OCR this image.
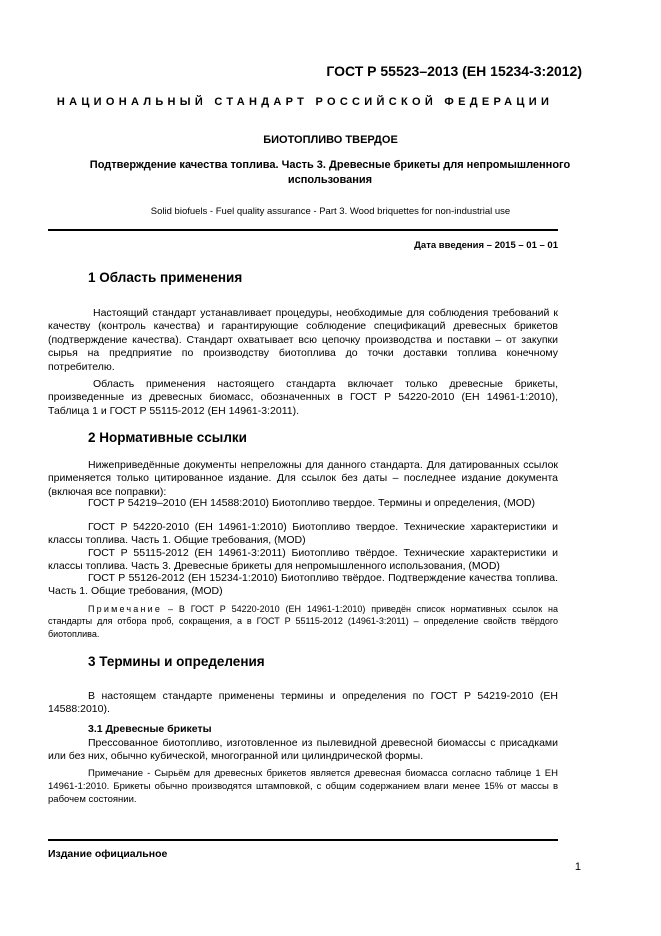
ГОСТ Р 55523–2013 (ЕН 15234-3:2012)
НАЦИОНАЛЬНЫЙ СТАНДАРТ РОССИЙСКОЙ ФЕДЕРАЦИИ
БИОТОПЛИВО ТВЕРДОЕ
Подтверждение качества топлива. Часть 3. Древесные брикеты для непромышленного использования
Solid biofuels - Fuel quality assurance - Part 3. Wood briquettes for non-industrial use
Дата введения – 2015 – 01 – 01
1 Область применения

Настоящий стандарт устанавливает процедуры, необходимые для соблюдения требований к качеству (контроль качества) и гарантирующие соблюдение спецификаций древесных брикетов (подтверждение качества). Стандарт охватывает всю цепочку производства и поставки – от закупки сырья на предприятие по производству биотоплива до точки доставки топлива конечному потребителю.

Область применения настоящего стандарта включает только древесные брикеты, произведенные из древесных биомасс, обозначенных в ГОСТ Р 54220-2010 (ЕН 14961-1:2010), Таблица 1 и ГОСТ Р 55115-2012 (ЕН 14961-3:2011).

2 Нормативные ссылки

Нижеприведённые документы непреложны для данного стандарта. Для датированных ссылок применяется только цитированное издание. Для ссылок без даты – последнее издание документа (включая все поправки):

ГОСТ Р 54219–2010 (ЕН 14588:2010) Биотопливо твердое. Термины и определения, (MOD)

ГОСТ Р 54220-2010 (ЕН 14961-1:2010) Биотопливо твердое. Технические характеристики и классы топлива. Часть 1. Общие требования, (MOD)

ГОСТ Р 55115-2012 (ЕН 14961-3:2011) Биотопливо твёрдое. Технические характеристики и классы топлива. Часть 3. Древесные брикеты для непромышленного использования, (MOD)

ГОСТ Р 55126-2012 (ЕН 15234-1:2010) Биотопливо твёрдое. Подтверждение качества топлива. Часть 1. Общие требования, (MOD)

Примечание – В ГОСТ Р 54220-2010 (ЕН 14961-1:2010) приведён список нормативных ссылок на стандарты для отбора проб, сокращения, а в ГОСТ Р 55115-2012 (14961-3:2011) – определение свойств твёрдого биотоплива.

3 Термины и определения

В настоящем стандарте применены термины и определения по ГОСТ Р 54219-2010 (ЕН 14588:2010).

3.1 Древесные брикеты

Прессованное биотопливо, изготовленное из пылевидной древесной биомассы с присадками или без них, обычно кубической, многогранной или цилиндрической формы.

Примечание - Сырьём для древесных брикетов является древесная биомасса согласно таблице 1 ЕН 14961-1:2010. Брикеты обычно производятся штамповкой, с общим содержанием влаги менее 15% от массы в рабочем состоянии.

Издание официальное
1
